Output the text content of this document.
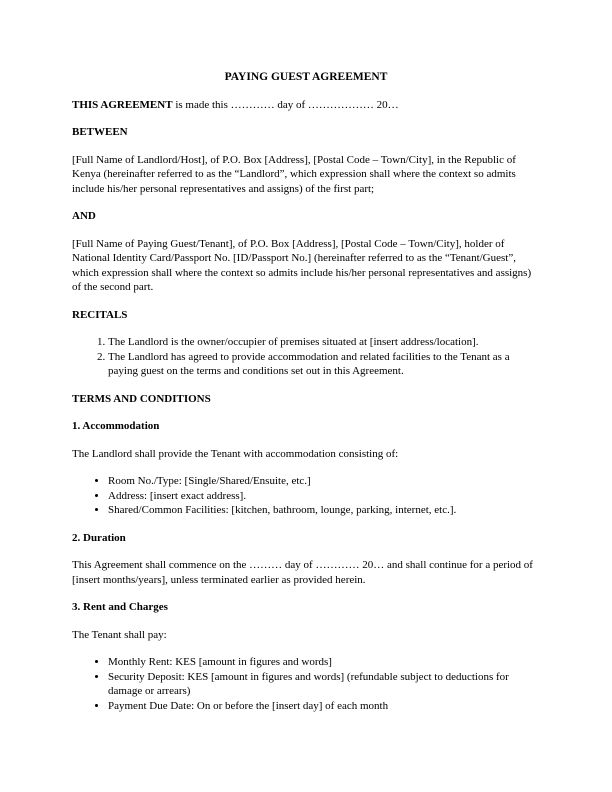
PAYING GUEST AGREEMENT

THIS AGREEMENT is made this ………… day of ……………… 20…

BETWEEN

[Full Name of Landlord/Host], of P.O. Box [Address], [Postal Code – Town/City], in the Republic of Kenya (hereinafter referred to as the “Landlord”, which expression shall where the context so admits include his/her personal representatives and assigns) of the first part;

AND

[Full Name of Paying Guest/Tenant], of P.O. Box [Address], [Postal Code – Town/City], holder of National Identity Card/Passport No. [ID/Passport No.] (hereinafter referred to as the “Tenant/Guest”, which expression shall where the context so admits include his/her personal representatives and assigns) of the second part.

RECITALS

1. The Landlord is the owner/occupier of premises situated at [insert address/location].
2. The Landlord has agreed to provide accommodation and related facilities to the Tenant as a paying guest on the terms and conditions set out in this Agreement.

TERMS AND CONDITIONS

1. Accommodation

The Landlord shall provide the Tenant with accommodation consisting of:

• Room No./Type: [Single/Shared/Ensuite, etc.]
• Address: [insert exact address].
• Shared/Common Facilities: [kitchen, bathroom, lounge, parking, internet, etc.].

2. Duration

This Agreement shall commence on the ……… day of ………… 20… and shall continue for a period of [insert months/years], unless terminated earlier as provided herein.

3. Rent and Charges

The Tenant shall pay:

• Monthly Rent: KES [amount in figures and words]
• Security Deposit: KES [amount in figures and words] (refundable subject to deductions for damage or arrears)
• Payment Due Date: On or before the [insert day] of each month
